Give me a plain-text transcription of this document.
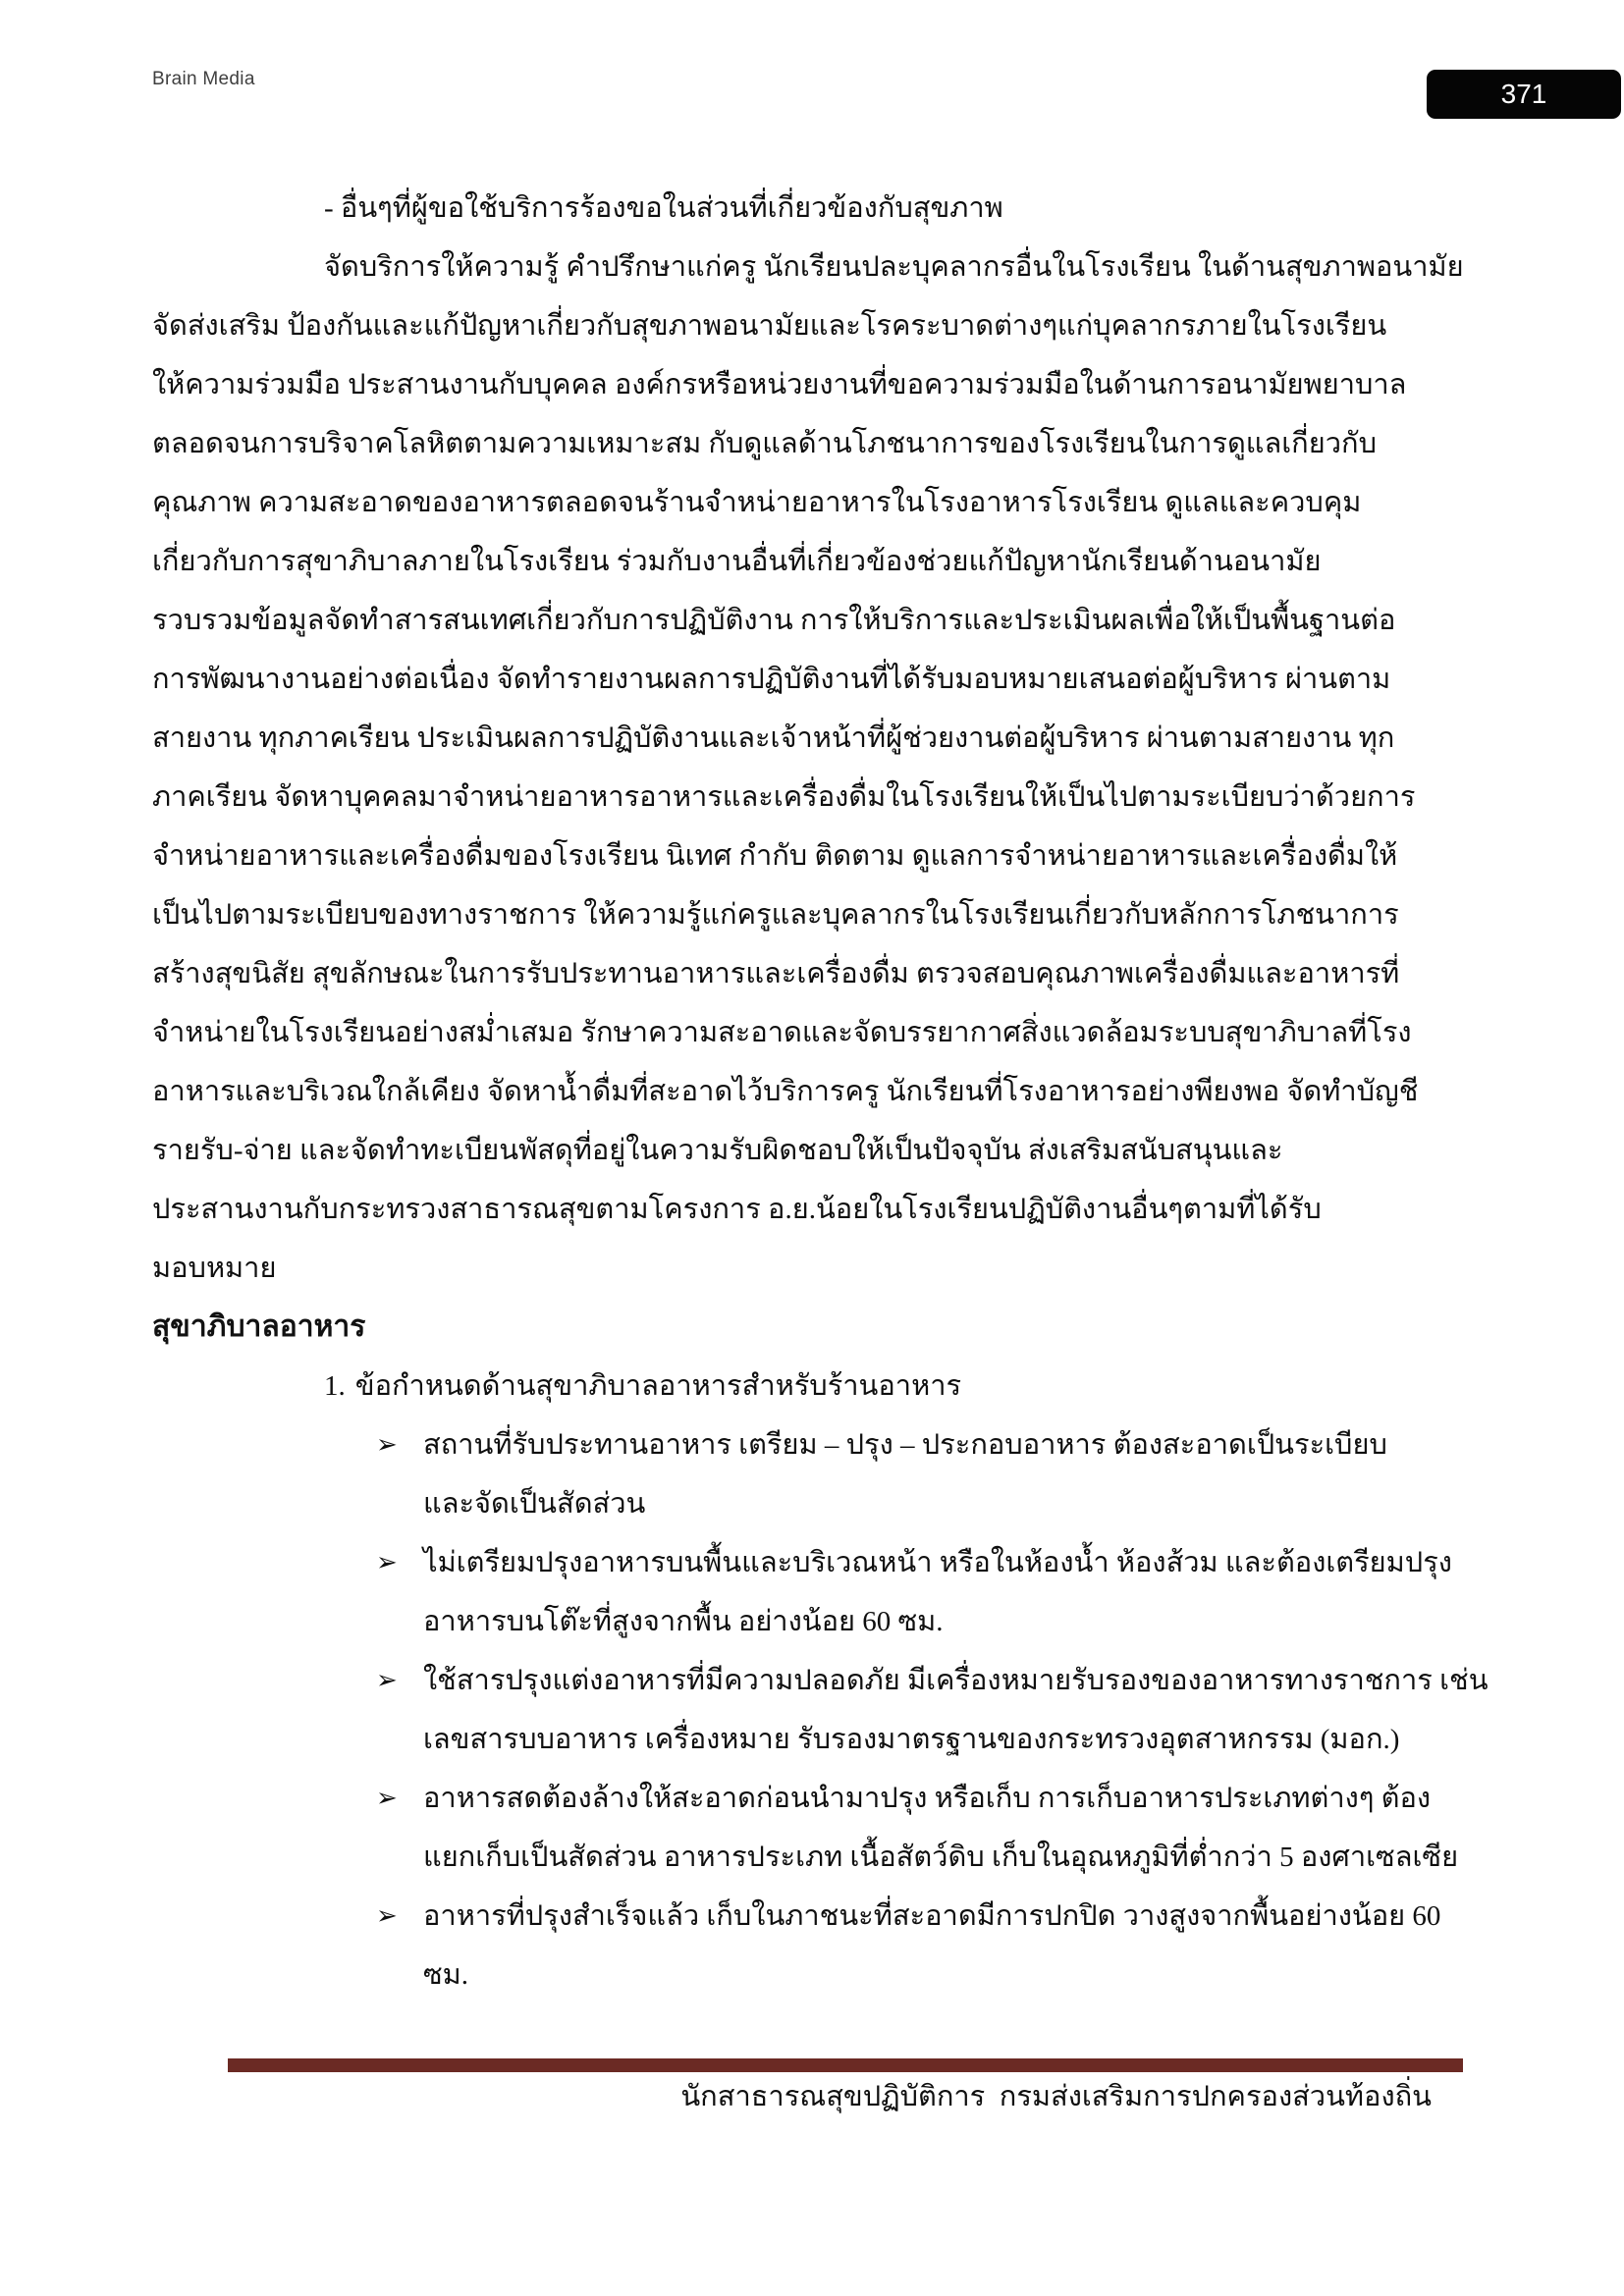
Brain Media	371
- อื่นๆที่ผู้ขอใช้บริการร้องขอในส่วนที่เกี่ยวข้องกับสุขภาพ
จัดบริการให้ความรู้ คำปรึกษาแก่ครู นักเรียนปละบุคลากรอื่นในโรงเรียน ในด้านสุขภาพอนามัย
จัดส่งเสริม ป้องกันและแก้ปัญหาเกี่ยวกับสุขภาพอนามัยและโรคระบาดต่างๆแก่บุคลากรภายในโรงเรียน
ให้ความร่วมมือ ประสานงานกับบุคคล องค์กรหรือหน่วยงานที่ขอความร่วมมือในด้านการอนามัยพยาบาล
ตลอดจนการบริจาคโลหิตตามความเหมาะสม กับดูแลด้านโภชนาการของโรงเรียนในการดูแลเกี่ยวกับ
คุณภาพ ความสะอาดของอาหารตลอดจนร้านจำหน่ายอาหารในโรงอาหารโรงเรียน ดูแลและควบคุม
เกี่ยวกับการสุขาภิบาลภายในโรงเรียน ร่วมกับงานอื่นที่เกี่ยวข้องช่วยแก้ปัญหานักเรียนด้านอนามัย
รวบรวมข้อมูลจัดทำสารสนเทศเกี่ยวกับการปฏิบัติงาน การให้บริการและประเมินผลเพื่อให้เป็นพื้นฐานต่อ
การพัฒนางานอย่างต่อเนื่อง จัดทำรายงานผลการปฏิบัติงานที่ได้รับมอบหมายเสนอต่อผู้บริหาร ผ่านตาม
สายงาน ทุกภาคเรียน ประเมินผลการปฏิบัติงานและเจ้าหน้าที่ผู้ช่วยงานต่อผู้บริหาร ผ่านตามสายงาน ทุก
ภาคเรียน จัดหาบุคคลมาจำหน่ายอาหารอาหารและเครื่องดื่มในโรงเรียนให้เป็นไปตามระเบียบว่าด้วยการ
จำหน่ายอาหารและเครื่องดื่มของโรงเรียน นิเทศ กำกับ ติดตาม ดูแลการจำหน่ายอาหารและเครื่องดื่มให้
เป็นไปตามระเบียบของทางราชการ ให้ความรู้แก่ครูและบุคลากรในโรงเรียนเกี่ยวกับหลักการโภชนาการ
สร้างสุขนิสัย สุขลักษณะในการรับประทานอาหารและเครื่องดื่ม ตรวจสอบคุณภาพเครื่องดื่มและอาหารที่
จำหน่ายในโรงเรียนอย่างสม่ำเสมอ รักษาความสะอาดและจัดบรรยากาศสิ่งแวดล้อมระบบสุขาภิบาลที่โรง
อาหารและบริเวณใกล้เคียง จัดหาน้ำดื่มที่สะอาดไว้บริการครู นักเรียนที่โรงอาหารอย่างพียงพอ จัดทำบัญชี
รายรับ-จ่าย และจัดทำทะเบียนพัสดุที่อยู่ในความรับผิดชอบให้เป็นปัจจุบัน ส่งเสริมสนับสนุนและ
ประสานงานกับกระทรวงสาธารณสุขตามโครงการ อ.ย.น้อยในโรงเรียนปฏิบัติงานอื่นๆตามที่ได้รับ
มอบหมาย
สุขาภิบาลอาหาร
1. ข้อกำหนดด้านสุขาภิบาลอาหารสำหรับร้านอาหาร
➢ สถานที่รับประทานอาหาร เตรียม – ปรุง – ประกอบอาหาร ต้องสะอาดเป็นระเบียบ
และจัดเป็นสัดส่วน
➢ ไม่เตรียมปรุงอาหารบนพื้นและบริเวณหน้า หรือในห้องน้ำ ห้องส้วม และต้องเตรียมปรุง
อาหารบนโต๊ะที่สูงจากพื้น อย่างน้อย 60 ซม.
➢ ใช้สารปรุงแต่งอาหารที่มีความปลอดภัย มีเครื่องหมายรับรองของอาหารทางราชการ เช่น
เลขสารบบอาหาร เครื่องหมาย รับรองมาตรฐานของกระทรวงอุตสาหกรรม (มอก.)
➢ อาหารสดต้องล้างให้สะอาดก่อนนำมาปรุง หรือเก็บ การเก็บอาหารประเภทต่างๆ ต้อง
แยกเก็บเป็นสัดส่วน อาหารประเภท เนื้อสัตว์ดิบ เก็บในอุณหภูมิที่ต่ำกว่า 5 องศาเซลเซีย
➢ อาหารที่ปรุงสำเร็จแล้ว เก็บในภาชนะที่สะอาดมีการปกปิด วางสูงจากพื้นอย่างน้อย 60
ซม.
นักสาธารณสุขปฏิบัติการ  กรมส่งเสริมการปกครองส่วนท้องถิ่น
